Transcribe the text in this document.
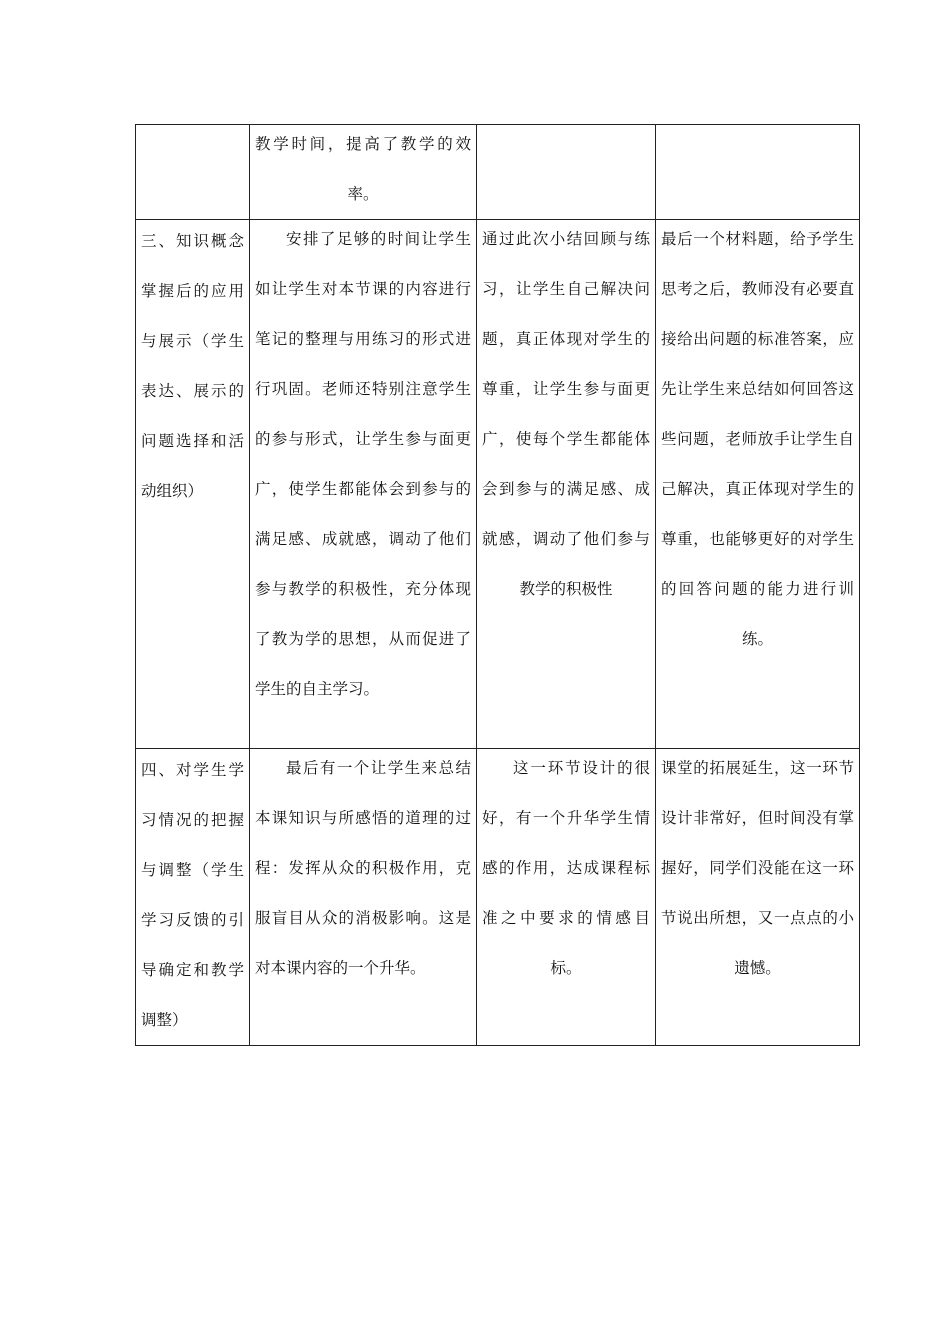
	教学时间，提高了教学的效率。		

三、知识概念掌握后的应用与展示（学生表达、展示的问题选择和活动组织）	安排了足够的时间让学生如让学生对本节课的内容进行笔记的整理与用练习的形式进行巩固。老师还特别注意学生的参与形式，让学生参与面更广，使学生都能体会到参与的满足感、成就感，调动了他们参与教学的积极性，充分体现了教为学的思想，从而促进了学生的自主学习。	通过此次小结回顾与练习，让学生自己解决问题，真正体现对学生的尊重，让学生参与面更广，使每个学生都能体会到参与的满足感、成就感，调动了他们参与教学的积极性	最后一个材料题，给予学生思考之后，教师没有必要直接给出问题的标准答案，应先让学生来总结如何回答这些问题，老师放手让学生自己解决，真正体现对学生的尊重，也能够更好的对学生的回答问题的能力进行训练。

四、对学生学习情况的把握与调整（学生学习反馈的引导确定和教学调整）	最后有一个让学生来总结本课知识与所感悟的道理的过程：发挥从众的积极作用，克服盲目从众的消极影响。这是对本课内容的一个升华。	这一环节设计的很好，有一个升华学生情感的作用，达成课程标准之中要求的情感目标。	课堂的拓展延生，这一环节设计非常好，但时间没有掌握好，同学们没能在这一环节说出所想，又一点点的小遗憾。
